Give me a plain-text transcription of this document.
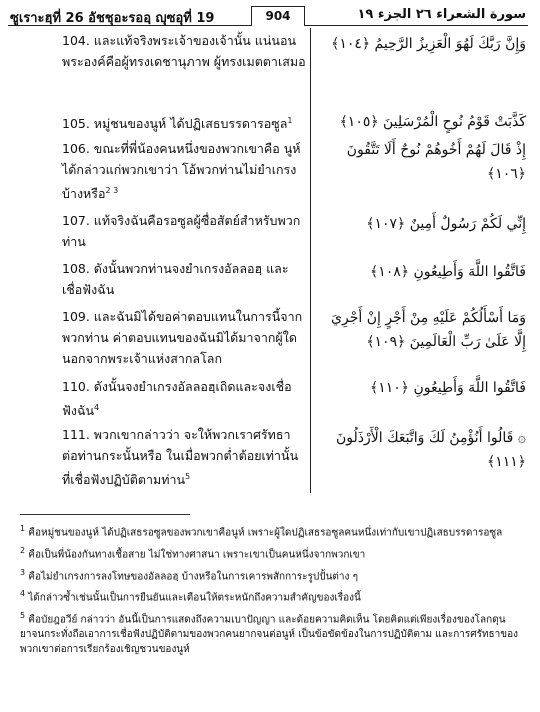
ซูเราะฮฺที่ 26 อัชชุอะรออฺ ญุซอุที่ 19	904	سورة الشعراء ٢٦ الجزء ١٩
وَإِنَّ رَبَّكَ لَهُوَ الْعَزِيزُ الرَّحِيمُ ﴿١٠٤﴾
104. และแท้จริงพระเจ้าของเจ้านั้น แน่นอนพระองค์คือผู้ทรงเดชานุภาพ ผู้ทรงเมตตาเสมอ
كَذَّبَتْ قَوْمُ نُوحٍ الْمُرْسَلِينَ ﴿١٠٥﴾
105. หมู่ชนของนูห์ ได้ปฏิเสธบรรดารอซูล$^1$
إِذْ قَالَ لَهُمْ أَخُوهُمْ نُوحٌ أَلَا تَتَّقُونَ ﴿١٠٦﴾
106. ขณะที่พี่น้องคนหนึ่งของพวกเขาคือ นูห์ ได้กล่าวแก่พวกเขาว่า โอ้พวกท่านไม่ยำเกรงบ้างหรือ$^{2 3}$
إِنِّي لَكُمْ رَسُولٌ أَمِينٌ ﴿١٠٧﴾
107. แท้จริงฉันคือรอซูลผู้ซื่อสัตย์สำหรับพวกท่าน
فَاتَّقُوا اللَّهَ وَأَطِيعُونِ ﴿١٠٨﴾
108. ดังนั้นพวกท่านจงยำเกรงอัลลอฮฺ และเชื่อฟังฉัน
وَمَا أَسْأَلُكُمْ عَلَيْهِ مِنْ أَجْرٍ إِنْ أَجْرِيَ إِلَّا عَلَىٰ رَبِّ الْعَالَمِينَ ﴿١٠٩﴾
109. และฉันมิได้ขอค่าตอบแทนในการนี้จากพวกท่าน ค่าตอบแทนของฉันมิได้มาจากผู้ใดนอกจากพระเจ้าแห่งสากลโลก
فَاتَّقُوا اللَّهَ وَأَطِيعُونِ ﴿١١٠﴾
110. ดังนั้นจงยำเกรงอัลลอฮฺเถิดและจงเชื่อฟังฉัน$^4$
۞ قَالُوا أَنُؤْمِنُ لَكَ وَاتَّبَعَكَ الْأَرْذَلُونَ ﴿١١١﴾
111. พวกเขากล่าวว่า จะให้พวกเราศรัทธาต่อท่านกระนั้นหรือ ในเมื่อพวกต่ำต้อยเท่านั้นที่เชื่อฟังปฏิบัติตามท่าน$^5$
$^1$ คือหมู่ชนของนูห์ ได้ปฏิเสธรอซูลของพวกเขาคือนูห์ เพราะผู้ใดปฏิเสธรอซูลคนหนึ่งเท่ากับเขาปฏิเสธบรรดารอซูล
$^2$ คือเป็นพี่น้องกันทางเชื้อสาย ไม่ใช่ทางศาสนา เพราะเขาเป็นคนหนึ่งจากพวกเขา
$^3$ คือไม่ยำเกรงการลงโทษของอัลลอฮฺ บ้างหรือในการเคารพสักการะรูปปั้นต่าง ๆ
$^4$ ได้กล่าวซ้ำเช่นนั้นเป็นการยืนยันและเตือนให้ตระหนักถึงความสำคัญของเรื่องนี้
$^5$ คือบัยฎอวีย์ กล่าวว่า อันนี้เป็นการแสดงถึงความเบาปัญญา และด้อยความคิดเห็น โดยคิดแต่เพียงเรื่องของโลกดุนยาจนกระทั่งถือเอาการเชื่อฟังปฏิบัติตามของพวกคนยากจนต่อนูห์ เป็นข้อขัดข้องในการปฏิบัติตาม และการศรัทธาของพวกเขาต่อการเรียกร้องเชิญชวนของนูห์
